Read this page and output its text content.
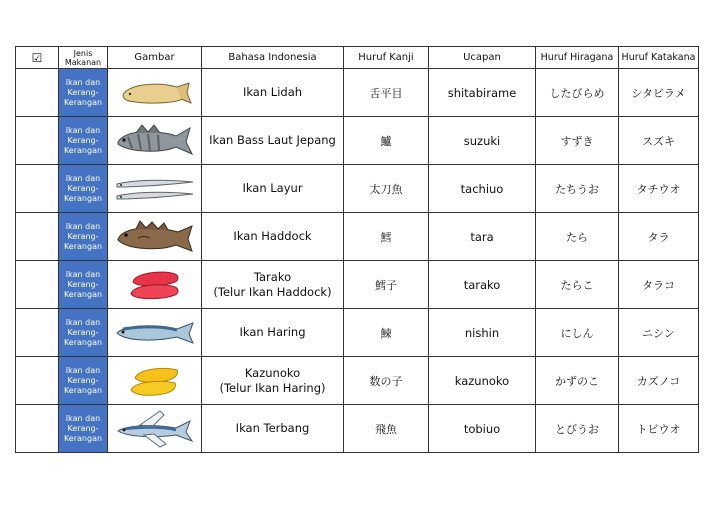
☑	Jenis
Makanan	Gambar	Bahasa Indonesia	Huruf Kanji	Ucapan	Huruf Hiragana	Huruf Katakana
	Ikan dan Kerang-Kerangan		Ikan Lidah	舌平目	shitabirame	したびらめ	シタビラメ
	Ikan dan Kerang-Kerangan		Ikan Bass Laut Jepang	鱸	suzuki	すずき	スズキ
	Ikan dan Kerang-Kerangan		Ikan Layur	太刀魚	tachiuo	たちうお	タチウオ
	Ikan dan Kerang-Kerangan		Ikan Haddock	鱈	tara	たら	タラ
	Ikan dan Kerang-Kerangan		Tarako
(Telur Ikan Haddock)	鱈子	tarako	たらこ	タラコ
	Ikan dan Kerang-Kerangan		Ikan Haring	鰊	nishin	にしん	ニシン
	Ikan dan Kerang-Kerangan		Kazunoko
(Telur Ikan Haring)	数の子	kazunoko	かずのこ	カズノコ
	Ikan dan Kerang-Kerangan		Ikan Terbang	飛魚	tobiuo	とびうお	トビウオ
